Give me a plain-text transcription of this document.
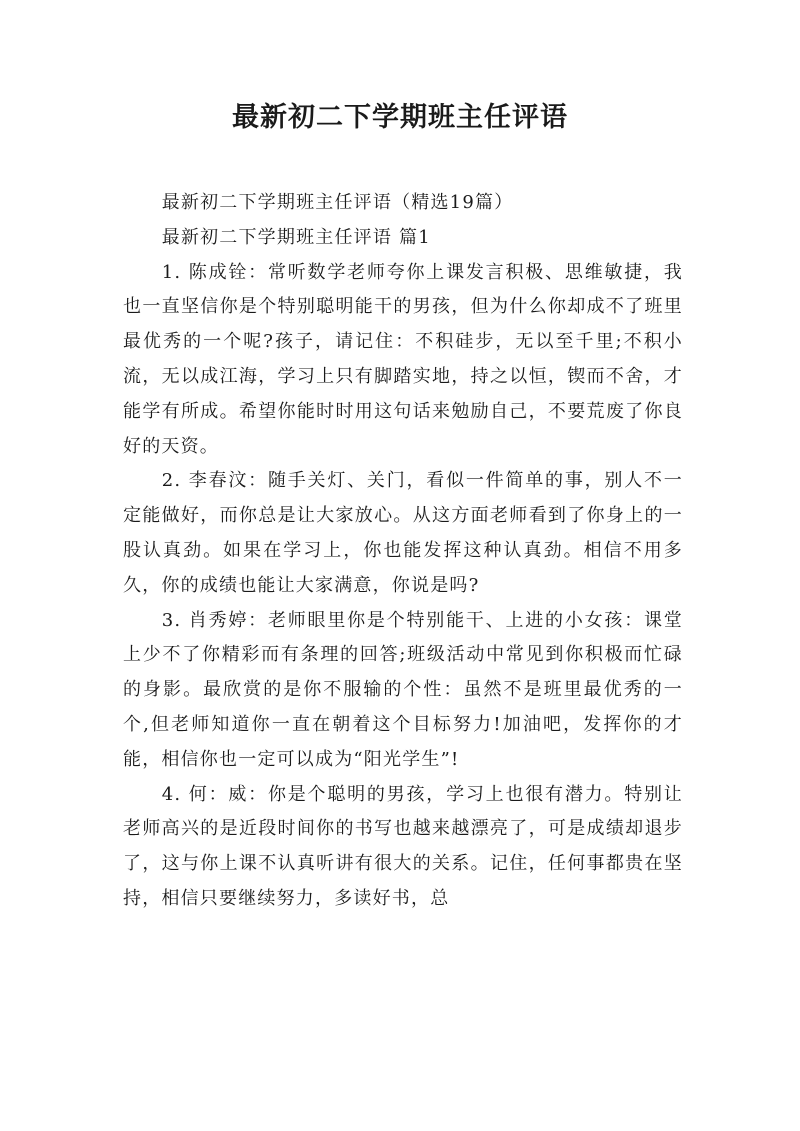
最新初二下学期班主任评语

最新初二下学期班主任评语（精选19篇）

最新初二下学期班主任评语 篇1

1. 陈成铨：常听数学老师夸你上课发言积极、思维敏捷，我也一直坚信你是个特别聪明能干的男孩，但为什么你却成不了班里最优秀的一个呢?孩子，请记住：不积硅步，无以至千里;不积小流，无以成江海，学习上只有脚踏实地，持之以恒，锲而不舍，才能学有所成。希望你能时时用这句话来勉励自己，不要荒废了你良好的天资。

2. 李春汶：随手关灯、关门，看似一件简单的事，别人不一定能做好，而你总是让大家放心。从这方面老师看到了你身上的一股认真劲。如果在学习上，你也能发挥这种认真劲。相信不用多久，你的成绩也能让大家满意，你说是吗?

3. 肖秀婷：老师眼里你是个特别能干、上进的小女孩：课堂上少不了你精彩而有条理的回答;班级活动中常见到你积极而忙碌的身影。最欣赏的是你不服输的个性：虽然不是班里最优秀的一个,但老师知道你一直在朝着这个目标努力!加油吧，发挥你的才能，相信你也一定可以成为“阳光学生”!

4. 何：威：你是个聪明的男孩，学习上也很有潜力。特别让老师高兴的是近段时间你的书写也越来越漂亮了，可是成绩却退步了，这与你上课不认真听讲有很大的关系。记住，任何事都贵在坚持，相信只要继续努力，多读好书，总
